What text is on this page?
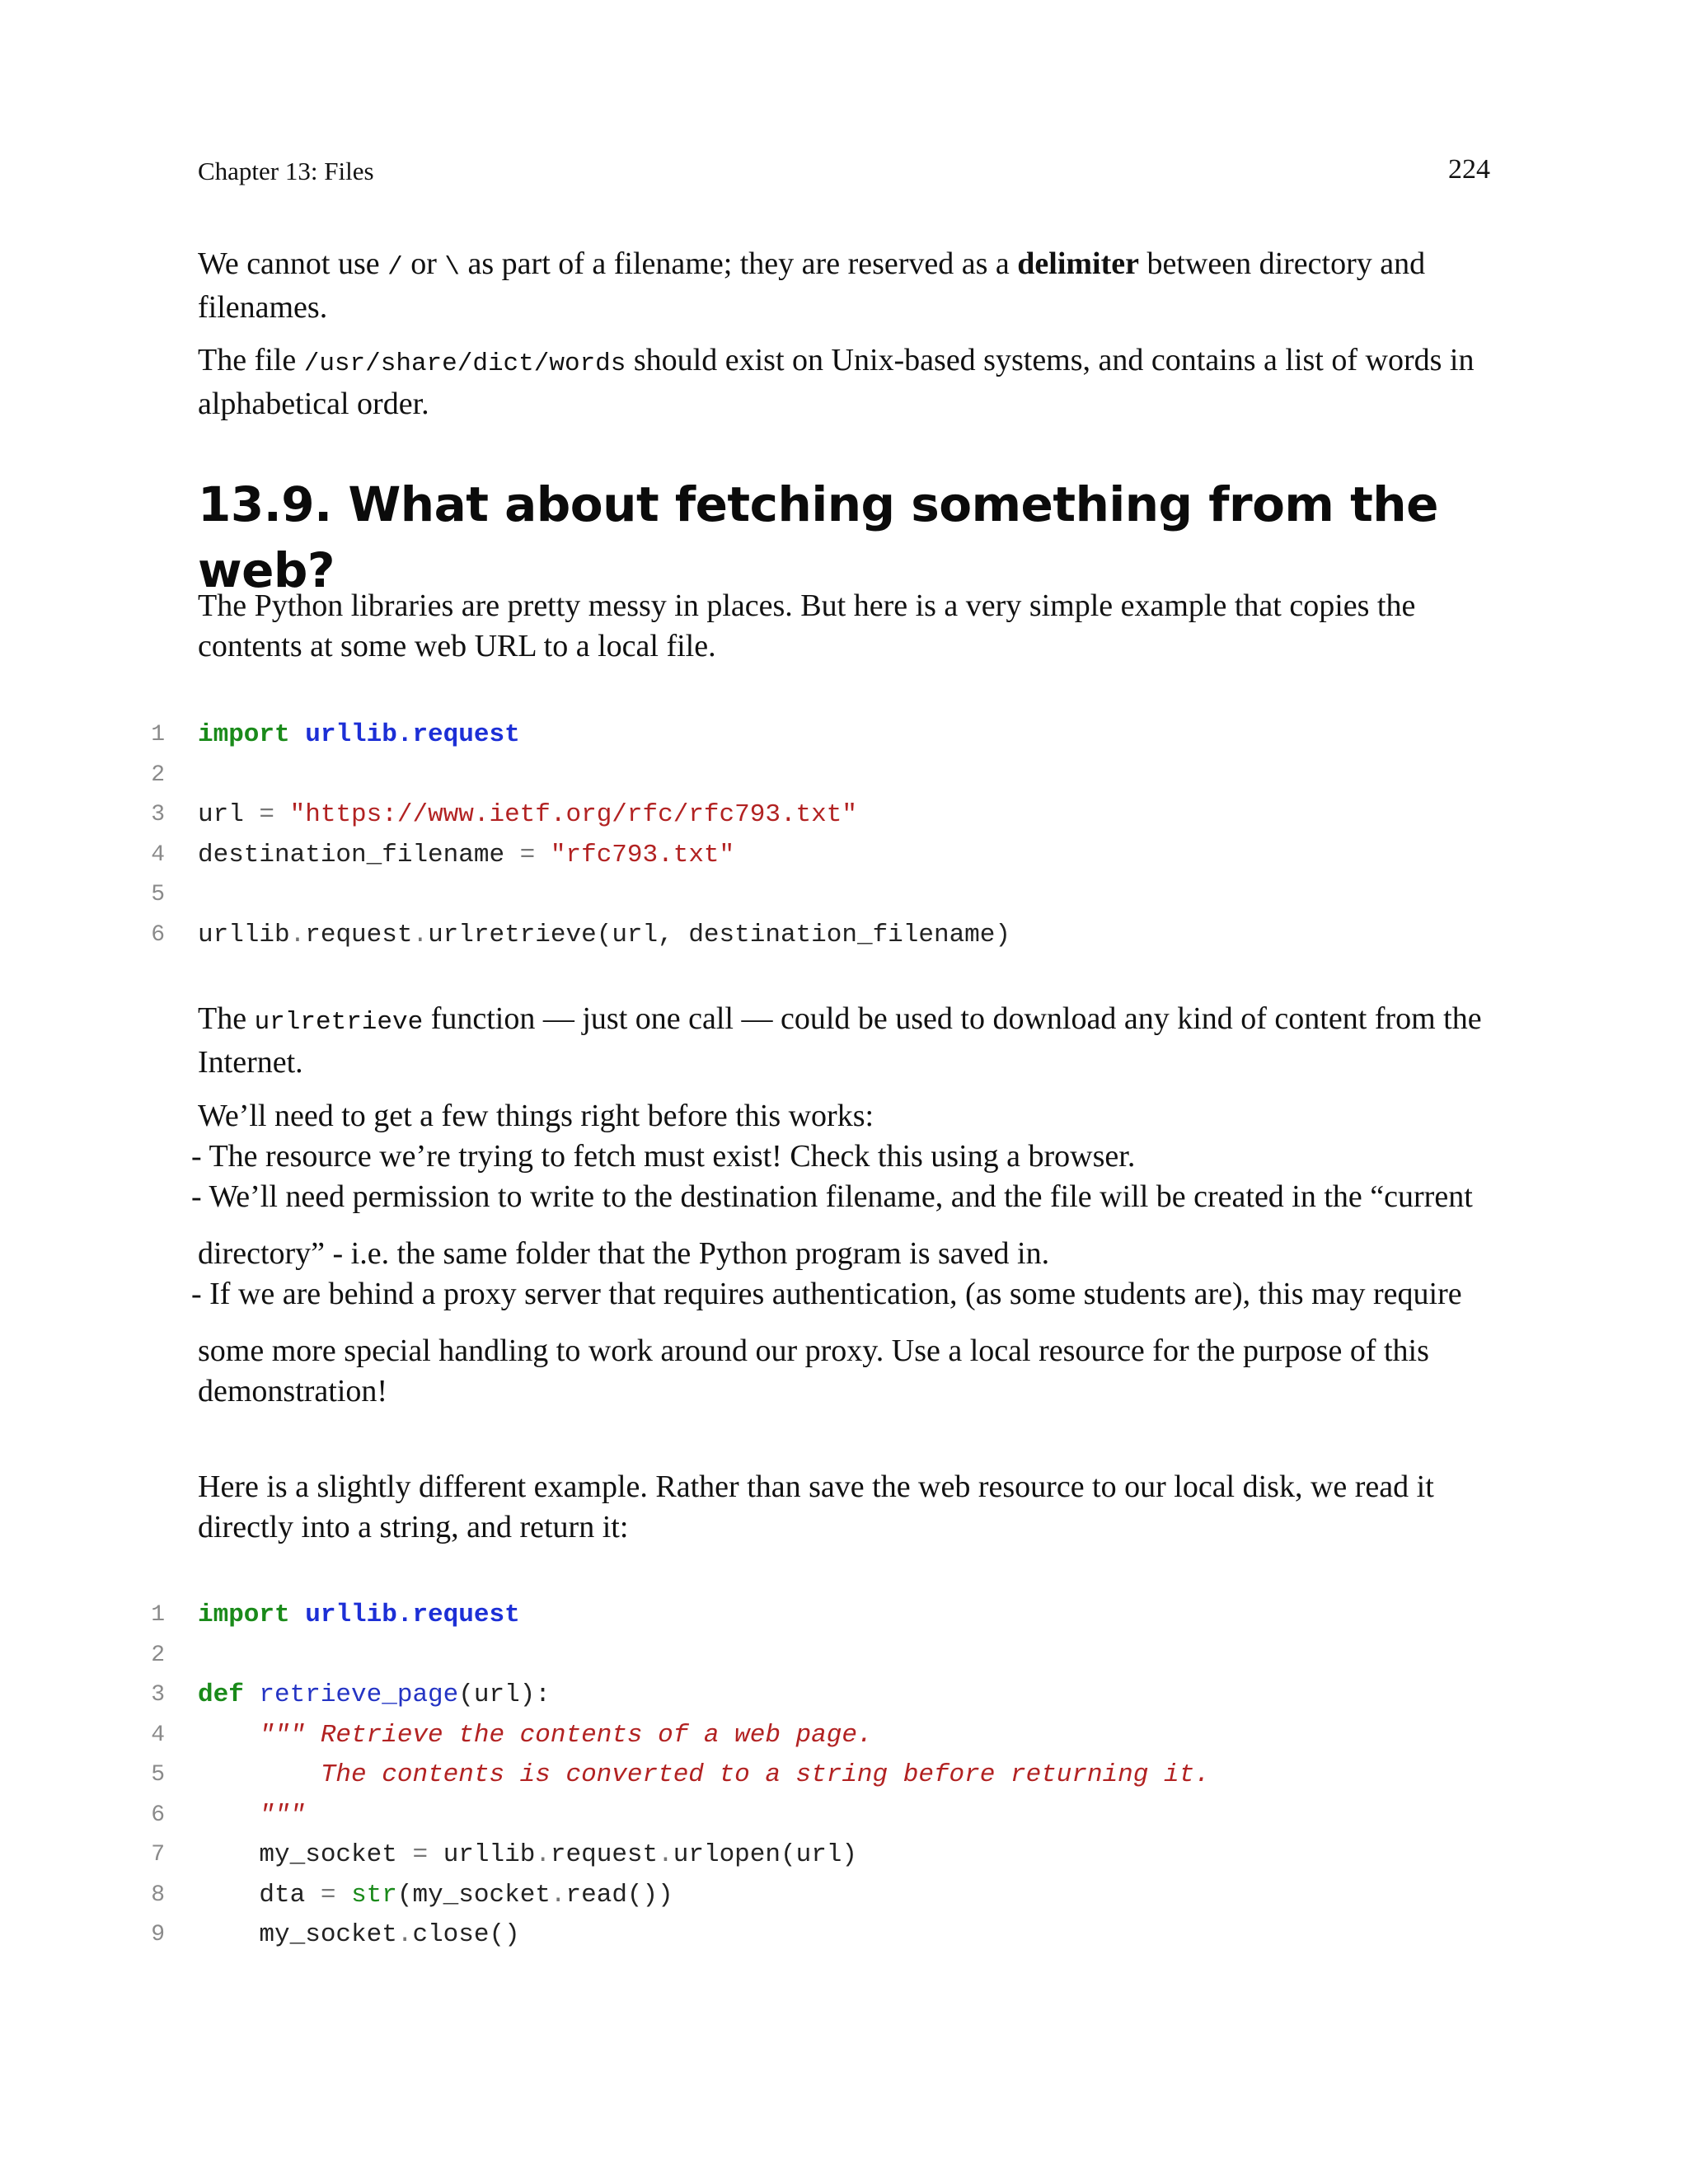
Chapter 13: Files	224

We cannot use / or \ as part of a filename; they are reserved as a delimiter between directory and filenames.

The file /usr/share/dict/words should exist on Unix-based systems, and contains a list of words in alphabetical order.

13.9. What about fetching something from the web?

The Python libraries are pretty messy in places. But here is a very simple example that copies the contents at some web URL to a local file.

1 import urllib.request
2
3 url = "https://www.ietf.org/rfc/rfc793.txt"
4 destination_filename = "rfc793.txt"
5
6 urllib.request.urlretrieve(url, destination_filename)

The urlretrieve function — just one call — could be used to download any kind of content from the Internet.

We’ll need to get a few things right before this works:

- The resource we’re trying to fetch must exist! Check this using a browser.

- We’ll need permission to write to the destination filename, and the file will be created in the “current
directory” - i.e. the same folder that the Python program is saved in.

- If we are behind a proxy server that requires authentication, (as some students are), this may require
some more special handling to work around our proxy. Use a local resource for the purpose of this demonstration!

Here is a slightly different example. Rather than save the web resource to our local disk, we read it directly into a string, and return it:

1 import urllib.request
2
3 def retrieve_page(url):
4	""" Retrieve the contents of a web page.
5	The contents is converted to a string before returning it.
6	"""
7	my_socket = urllib.request.urlopen(url)
8	dta = str(my_socket.read())
9	my_socket.close()
